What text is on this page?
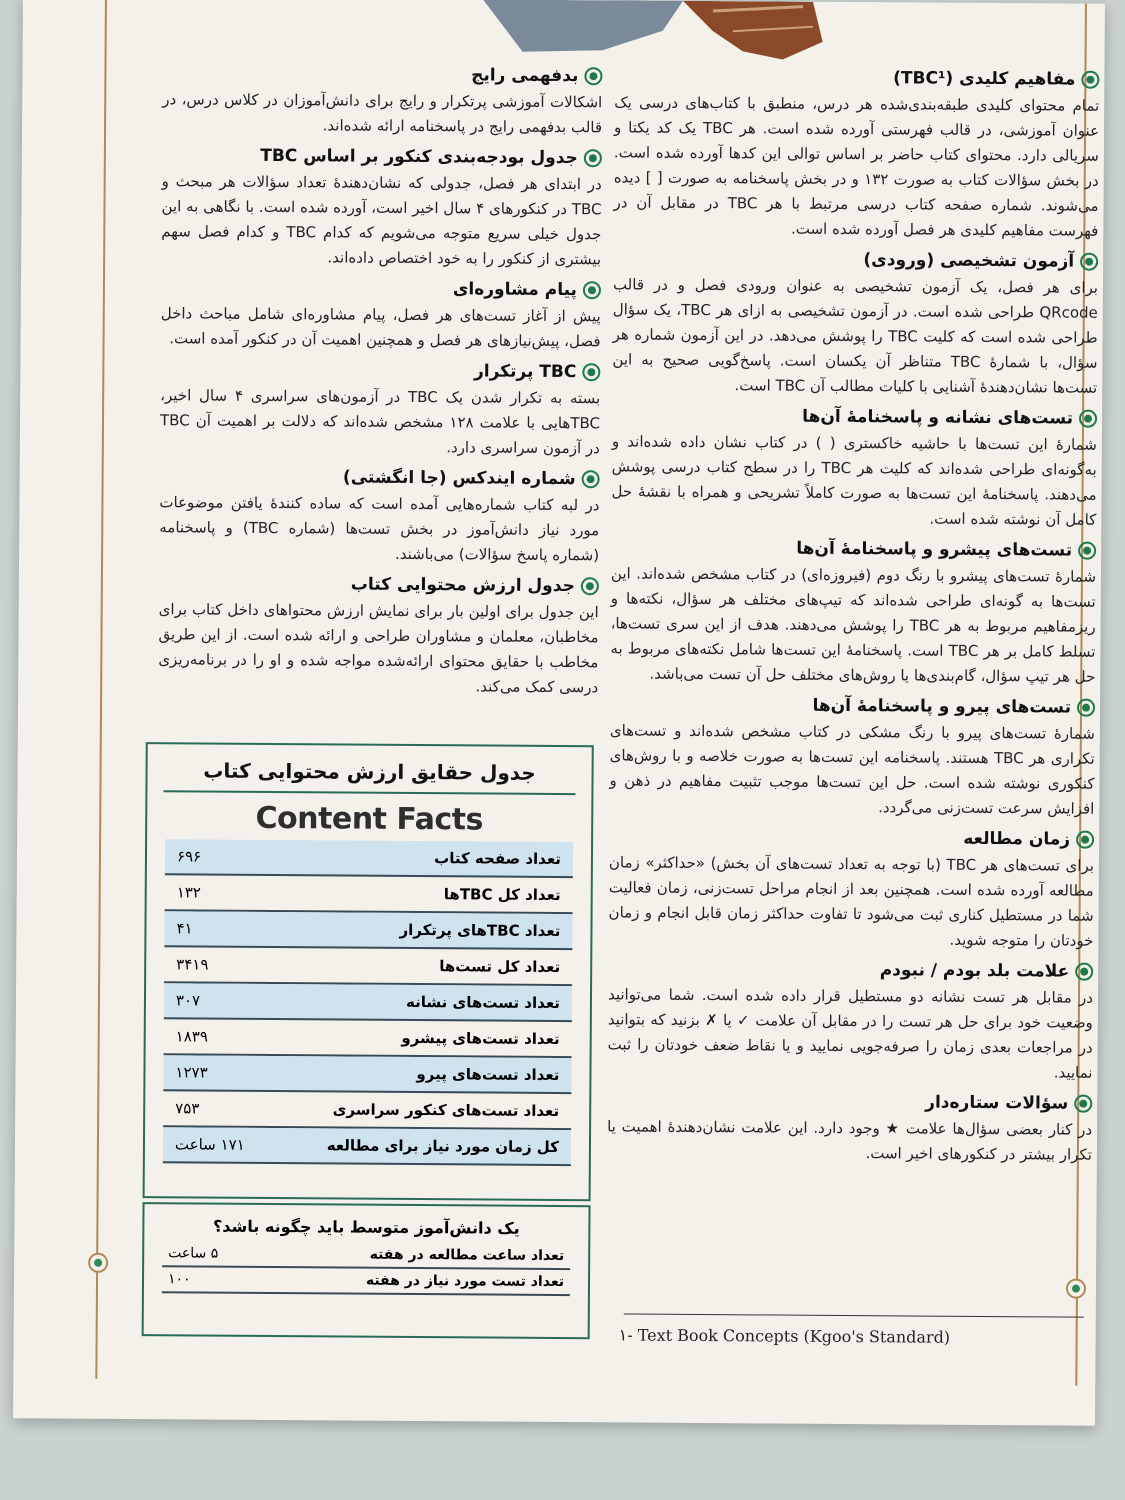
مفاهیم کلیدی (TBC¹)

تمام محتوای کلیدی طبقه‌بندی‌شده هر درس، منطبق با کتاب‌های درسی یک عنوان آموزشی، در قالب فهرستی آورده شده است. هر TBC یک کد یکتا و سریالی دارد. محتوای کتاب حاضر بر اساس توالی این کدها آورده شده است. در بخش سؤالات کتاب به صورت ۱۳۲ و در بخش پاسخنامه به صورت [ ] دیده می‌شوند. شماره صفحه کتاب درسی مرتبط با هر TBC در مقابل آن در فهرست مفاهیم کلیدی هر فصل آورده شده است.

آزمون تشخیصی (ورودی)

برای هر فصل، یک آزمون تشخیصی به عنوان ورودی فصل و در قالب QRcode طراحی شده است. در آزمون تشخیصی به ازای هر TBC، یک سؤال طراحی شده است که کلیت TBC را پوشش می‌دهد. در این آزمون شماره هر سؤال، با شمارهٔ TBC متناظر آن یکسان است. پاسخ‌گویی صحیح به این تست‌ها نشان‌دهندهٔ آشنایی با کلیات مطالب آن TBC است.

تست‌های نشانه و پاسخنامهٔ آن‌ها

شمارهٔ این تست‌ها با حاشیه خاکستری ( ) در کتاب نشان داده شده‌اند و به‌گونه‌ای طراحی شده‌اند که کلیت هر TBC را در سطح کتاب درسی پوشش می‌دهند. پاسخنامهٔ این تست‌ها به صورت کاملاً تشریحی و همراه با نقشهٔ حل کامل آن نوشته شده است.

تست‌های پیشرو و پاسخنامهٔ آن‌ها

شمارهٔ تست‌های پیشرو با رنگ دوم (فیروزه‌ای) در کتاب مشخص شده‌اند. این تست‌ها به گونه‌ای طراحی شده‌اند که تیپ‌های مختلف هر سؤال، نکته‌ها و ریزمفاهیم مربوط به هر TBC را پوشش می‌دهند. هدف از این سری تست‌ها، تسلط کامل بر هر TBC است. پاسخنامهٔ این تست‌ها شامل نکته‌های مربوط به حل هر تیپ سؤال، گام‌بندی‌ها یا روش‌های مختلف حل آن تست می‌باشد.

تست‌های پیرو و پاسخنامهٔ آن‌ها

شمارهٔ تست‌های پیرو با رنگ مشکی در کتاب مشخص شده‌اند و تست‌های تکراری هر TBC هستند. پاسخنامه این تست‌ها به صورت خلاصه و با روش‌های کنکوری نوشته شده است. حل این تست‌ها موجب تثبیت مفاهیم در ذهن و افزایش سرعت تست‌زنی می‌گردد.

زمان مطالعه

برای تست‌های هر TBC (با توجه به تعداد تست‌های آن بخش) «حداکثر» زمان مطالعه آورده شده است. همچنین بعد از انجام مراحل تست‌زنی، زمان فعالیت شما در مستطیل کناری ثبت می‌شود تا تفاوت حداکثر زمان قابل انجام و زمان خودتان را متوجه شوید.

علامت بلد بودم / نبودم

در مقابل هر تست نشانه دو مستطیل قرار داده شده است. شما می‌توانید وضعیت خود برای حل هر تست را در مقابل آن علامت ✓ یا ✗ بزنید که بتوانید در مراجعات بعدی زمان را صرفه‌جویی نمایید و یا نقاط ضعف خودتان را ثبت نمایید.

سؤالات ستاره‌دار

در کنار بعضی سؤال‌ها علامت ★ وجود دارد. این علامت نشان‌دهندهٔ اهمیت یا تکرار بیشتر در کنکورهای اخیر است.

بدفهمی رایج

اشکالات آموزشی پرتکرار و رایج برای دانش‌آموزان در کلاس درس، در قالب بدفهمی رایج در پاسخنامه ارائه شده‌اند.

جدول بودجه‌بندی کنکور بر اساس TBC

در ابتدای هر فصل، جدولی که نشان‌دهندهٔ تعداد سؤالات هر مبحث و TBC در کنکورهای ۴ سال اخیر است، آورده شده است. با نگاهی به این جدول خیلی سریع متوجه می‌شویم که کدام TBC و کدام فصل سهم بیشتری از کنکور را به خود اختصاص داده‌اند.

پیام مشاوره‌ای

پیش از آغاز تست‌های هر فصل، پیام مشاوره‌ای شامل مباحث داخل فصل، پیش‌نیازهای هر فصل و همچنین اهمیت آن در کنکور آمده است.

TBC پرتکرار

بسته به تکرار شدن یک TBC در آزمون‌های سراسری ۴ سال اخیر، TBCهایی با علامت ۱۲۸ مشخص شده‌اند که دلالت بر اهمیت آن TBC در آزمون سراسری دارد.

شماره ایندکس (جا انگشتی)

در لبه کتاب شماره‌هایی آمده است که ساده کنندهٔ یافتن موضوعات مورد نیاز دانش‌آموز در بخش تست‌ها (شماره TBC) و پاسخنامه (شماره پاسخ سؤالات) می‌باشند.

جدول ارزش محتوایی کتاب

این جدول برای اولین بار برای نمایش ارزش محتواهای داخل کتاب برای مخاطبان، معلمان و مشاوران طراحی و ارائه شده است. از این طریق مخاطب با حقایق محتوای ارائه‌شده مواجه شده و او را در برنامه‌ریزی درسی کمک می‌کند.

جدول حقایق ارزش محتوایی کتاب
Content Facts
تعداد صفحه کتاب
۶۹۶
تعداد کل TBCها
۱۳۲
تعداد TBCهای پرتکرار
۴۱
تعداد کل تست‌ها
۳۴۱۹
تعداد تست‌های نشانه
۳۰۷
تعداد تست‌های پیشرو
۱۸۳۹
تعداد تست‌های پیرو
۱۲۷۳
تعداد تست‌های کنکور سراسری
۷۵۳
کل زمان مورد نیاز برای مطالعه
۱۷۱ ساعت
یک دانش‌آموز متوسط باید چگونه باشد؟
تعداد ساعت مطالعه در هفته
۵ ساعت
تعداد تست مورد نیاز در هفته
۱۰۰
۱- Text Book Concepts (Kgoo's Standard)
